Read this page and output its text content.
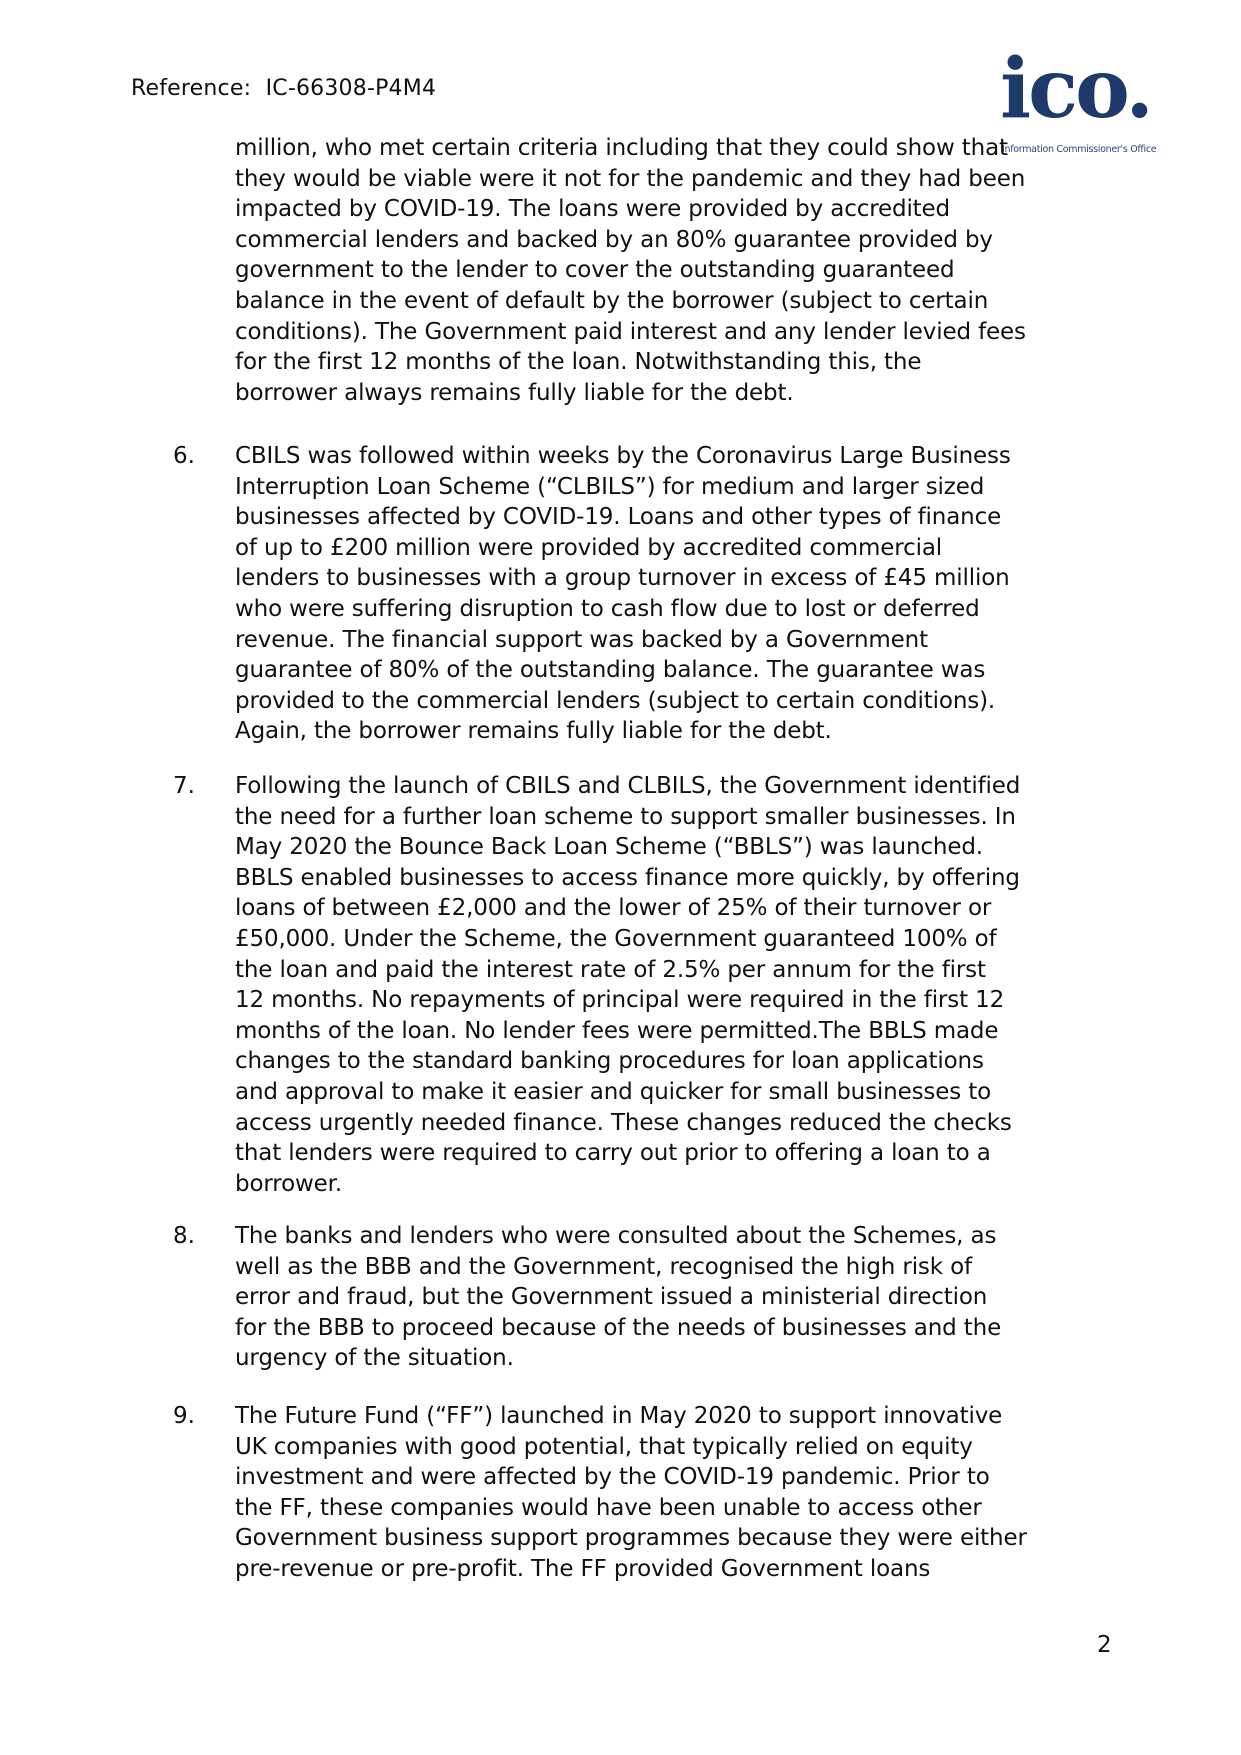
Reference:  IC-66308-P4M4	ico.
Information Commissioner's Office
million, who met certain criteria including that they could show that
they would be viable were it not for the pandemic and they had been
impacted by COVID-19. The loans were provided by accredited
commercial lenders and backed by an 80% guarantee provided by
government to the lender to cover the outstanding guaranteed
balance in the event of default by the borrower (subject to certain
conditions). The Government paid interest and any lender levied fees
for the first 12 months of the loan. Notwithstanding this, the
borrower always remains fully liable for the debt.
6. CBILS was followed within weeks by the Coronavirus Large Business
Interruption Loan Scheme (“CLBILS”) for medium and larger sized
businesses affected by COVID-19. Loans and other types of finance
of up to £200 million were provided by accredited commercial
lenders to businesses with a group turnover in excess of £45 million
who were suffering disruption to cash flow due to lost or deferred
revenue. The financial support was backed by a Government
guarantee of 80% of the outstanding balance. The guarantee was
provided to the commercial lenders (subject to certain conditions).
Again, the borrower remains fully liable for the debt.
7. Following the launch of CBILS and CLBILS, the Government identified
the need for a further loan scheme to support smaller businesses. In
May 2020 the Bounce Back Loan Scheme (“BBLS”) was launched.
BBLS enabled businesses to access finance more quickly, by offering
loans of between £2,000 and the lower of 25% of their turnover or
£50,000. Under the Scheme, the Government guaranteed 100% of
the loan and paid the interest rate of 2.5% per annum for the first
12 months. No repayments of principal were required in the first 12
months of the loan. No lender fees were permitted.The BBLS made
changes to the standard banking procedures for loan applications
and approval to make it easier and quicker for small businesses to
access urgently needed finance. These changes reduced the checks
that lenders were required to carry out prior to offering a loan to a
borrower.
8. The banks and lenders who were consulted about the Schemes, as
well as the BBB and the Government, recognised the high risk of
error and fraud, but the Government issued a ministerial direction
for the BBB to proceed because of the needs of businesses and the
urgency of the situation.
9. The Future Fund (“FF”) launched in May 2020 to support innovative
UK companies with good potential, that typically relied on equity
investment and were affected by the COVID-19 pandemic. Prior to
the FF, these companies would have been unable to access other
Government business support programmes because they were either
pre-revenue or pre-profit. The FF provided Government loans
2
